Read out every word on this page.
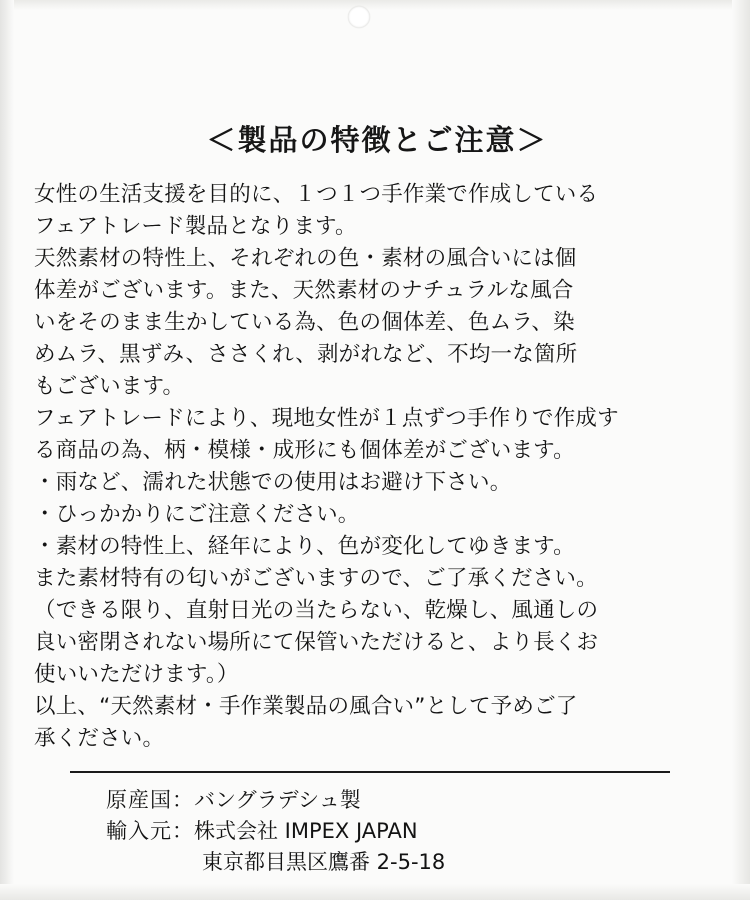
＜製品の特徴とご注意＞

女性の生活支援を目的に、１つ１つ手作業で作成している

フェアトレード製品となります。

天然素材の特性上、それぞれの色・素材の風合いには個

体差がございます。また、天然素材のナチュラルな風合

いをそのまま生かしている為、色の個体差、色ムラ、染

めムラ、黒ずみ、ささくれ、剥がれなど、不均一な箇所

もございます。

フェアトレードにより、現地女性が１点ずつ手作りで作成す

る商品の為、柄・模様・成形にも個体差がございます。

・雨など、濡れた状態での使用はお避け下さい。

・ひっかかりにご注意ください。

・素材の特性上、経年により、色が変化してゆきます。

また素材特有の匂いがございますので、ご了承ください。

（できる限り、直射日光の当たらない、乾燥し、風通しの

良い密閉されない場所にて保管いただけると、より長くお

使いいただけます。）

以上、“天然素材・手作業製品の風合い”として予めご了

承ください。

原産国：バングラデシュ製
輸入元：株式会社 IMPEX JAPAN
東京都目黒区鷹番 2-5-18
